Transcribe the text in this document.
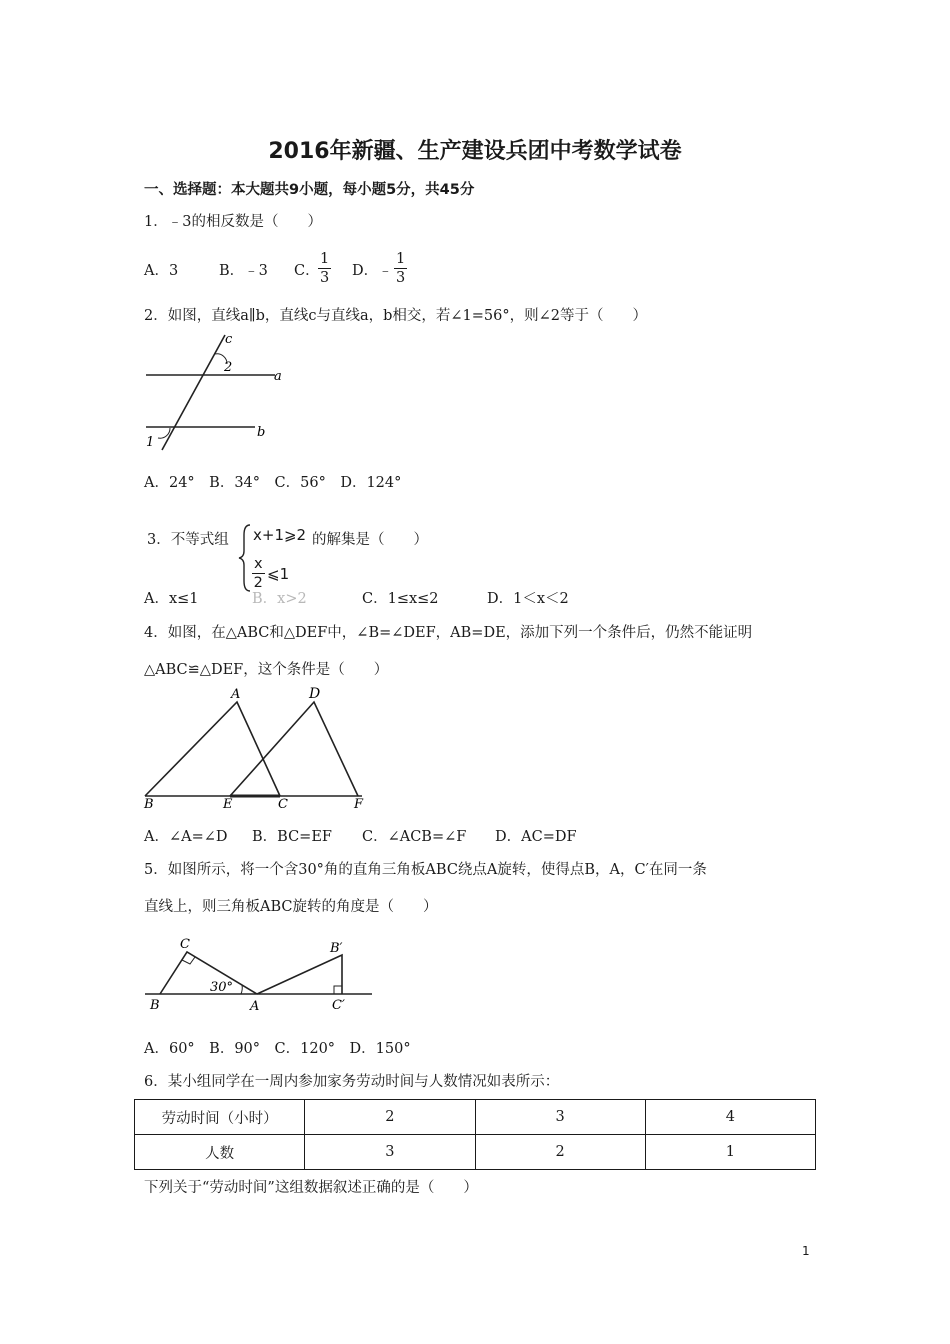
2016年新疆、生产建设兵团中考数学试卷
一、选择题：本大题共9小题，每小题5分，共45分
1．﹣3的相反数是（　　）
A．3	B．﹣3 C．
$\frac{1}{3}$ D．﹣ $\frac{1}{3}$
2．如图，直线a∥b，直线c与直线a，b相交，若∠1=56°，则∠2等于（　　）
c
2
a
b
1
A．24°　B．34°　C．56°　D．124°
3．不等式组 x+1⩾2
$\frac{x}{2}$ ⩽1
的解集是（　　）
A．x≤1	B．x>2	C．1≤x≤2	D．1＜x＜2
4．如图，在△ABC和△DEF中，∠B=∠DEF，AB=DE，添加下列一个条件后，仍然不能证明
△ABC≌△DEF，这个条件是（　　）
A	D
B	E	C	F
A．∠A=∠D B．BC=EF C．∠ACB=∠F D．AC=DF
5．如图所示，将一个含30°角的直角三角板ABC绕点A旋转，使得点B，A，C′在同一条
直线上，则三角板ABC旋转的角度是（　　）
C
B
30°
A
B′
C′
A．60°　B．90°　C．120°　D．150°
6．某小组同学在一周内参加家务劳动时间与人数情况如表所示：
劳动时间（小时）	2	3	4
人数	3	2	1
下列关于“劳动时间”这组数据叙述正确的是（　　）
1
